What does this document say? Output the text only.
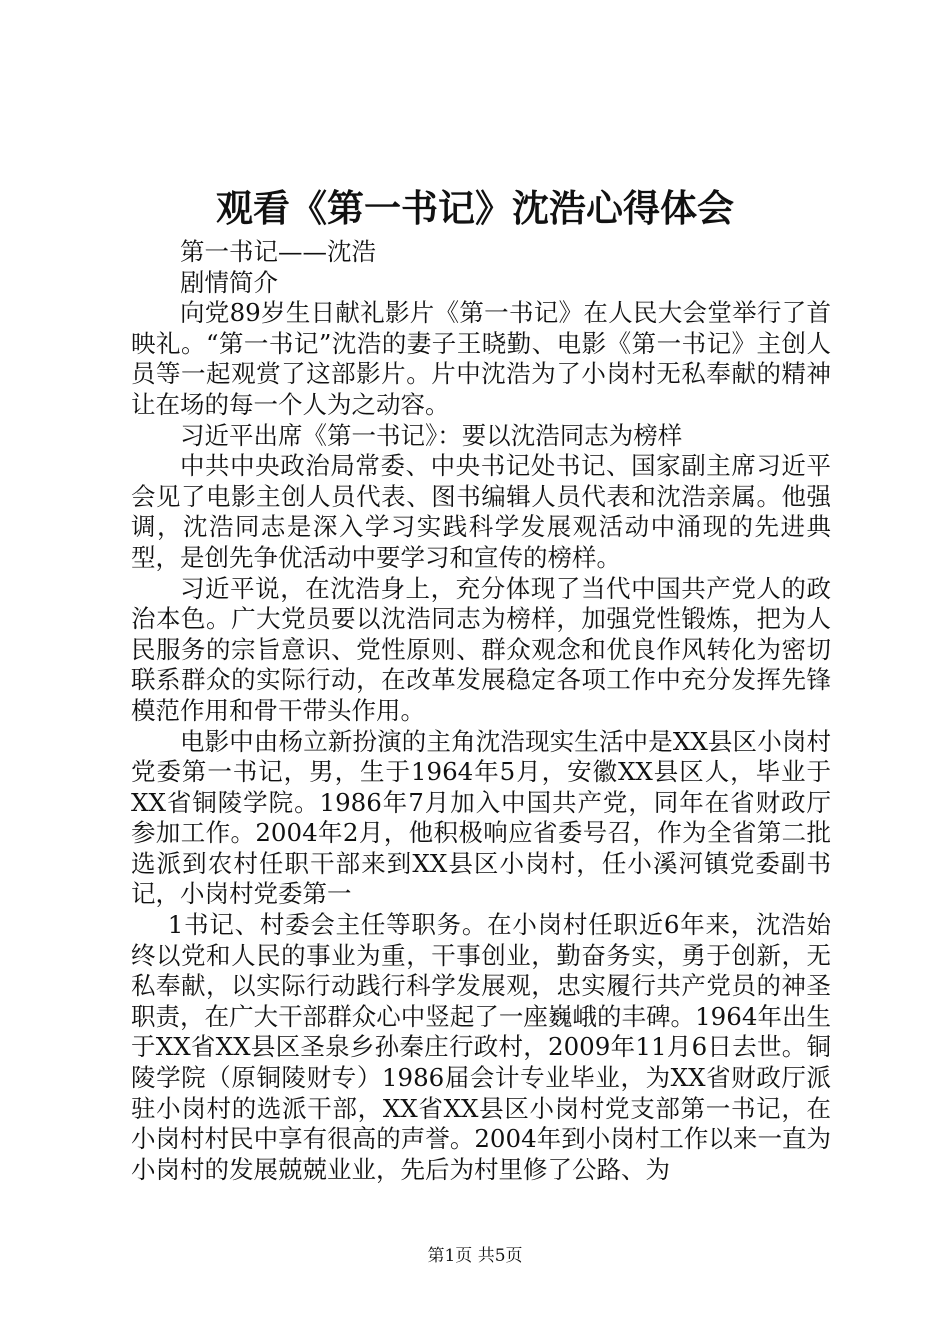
观看《第一书记》沈浩心得体会

第一书记——沈浩

剧情简介

向党89岁生日献礼影片《第一书记》在人民大会堂举行了首映礼。“第一书记”沈浩的妻子王晓勤、电影《第一书记》主创人员等一起观赏了这部影片。片中沈浩为了小岗村无私奉献的精神让在场的每一个人为之动容。

习近平出席《第一书记》：要以沈浩同志为榜样

中共中央政治局常委、中央书记处书记、国家副主席习近平会见了电影主创人员代表、图书编辑人员代表和沈浩亲属。他强调，沈浩同志是深入学习实践科学发展观活动中涌现的先进典型，是创先争优活动中要学习和宣传的榜样。

习近平说，在沈浩身上，充分体现了当代中国共产党人的政治本色。广大党员要以沈浩同志为榜样，加强党性锻炼，把为人民服务的宗旨意识、党性原则、群众观念和优良作风转化为密切联系群众的实际行动，在改革发展稳定各项工作中充分发挥先锋模范作用和骨干带头作用。

电影中由杨立新扮演的主角沈浩现实生活中是XX县区小岗村党委第一书记，男，生于1964年5月，安徽XX县区人，毕业于XX省铜陵学院。1986年7月加入中国共产党，同年在省财政厅参加工作。2004年2月，他积极响应省委号召，作为全省第二批选派到农村任职干部来到XX县区小岗村，任小溪河镇党委副书记，小岗村党委第一

1书记、村委会主任等职务。在小岗村任职近6年来，沈浩始终以党和人民的事业为重，干事创业，勤奋务实，勇于创新，无私奉献，以实际行动践行科学发展观，忠实履行共产党员的神圣职责，在广大干部群众心中竖起了一座巍峨的丰碑。1964年出生于XX省XX县区圣泉乡孙秦庄行政村，2009年11月6日去世。铜陵学院（原铜陵财专）1986届会计专业毕业，为XX省财政厅派驻小岗村的选派干部，XX省XX县区小岗村党支部第一书记，在小岗村村民中享有很高的声誉。2004年到小岗村工作以来一直为小岗村的发展兢兢业业，先后为村里修了公路、为

第1页 共5页
